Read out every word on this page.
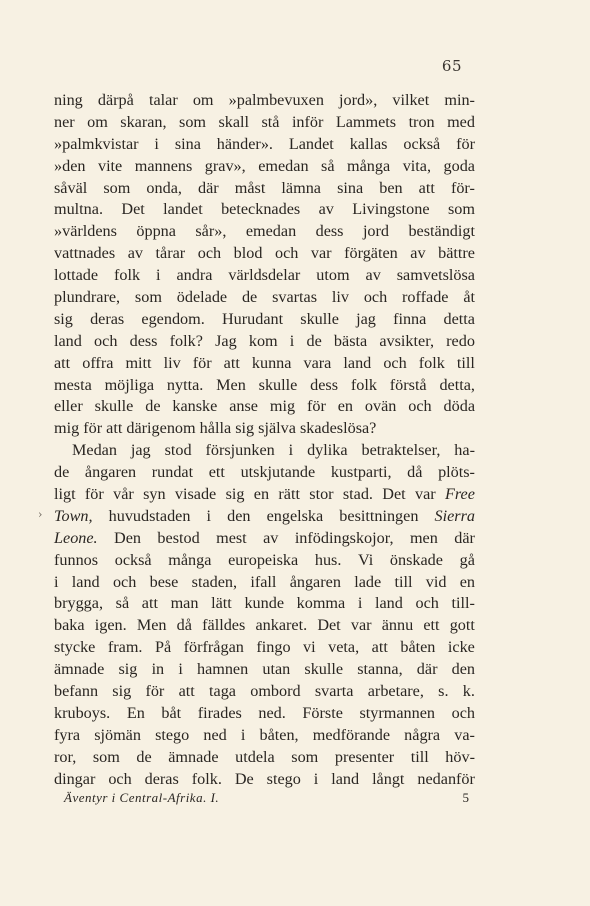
65
›
ning därpå talar om »palmbevuxen jord», vilket min-
ner om skaran, som skall stå inför Lammets tron med
»palmkvistar i sina händer». Landet kallas också för
»den vite mannens grav», emedan så många vita, goda
såväl som onda, där måst lämna sina ben att för-
multna. Det landet betecknades av Livingstone som
»världens öppna sår», emedan dess jord beständigt
vattnades av tårar och blod och var förgäten av bättre
lottade folk i andra världsdelar utom av samvetslösa
plundrare, som ödelade de svartas liv och roffade åt
sig deras egendom. Hurudant skulle jag finna detta
land och dess folk? Jag kom i de bästa avsikter, redo
att offra mitt liv för att kunna vara land och folk till
mesta möjliga nytta. Men skulle dess folk förstå detta,
eller skulle de kanske anse mig för en ovän och döda
mig
för
att
därigenom
hålla
sig
själva
skadeslösa?
Medan jag stod försjunken i dylika betraktelser, ha-
de ångaren rundat ett utskjutande kustparti, då plöts-
ligt för vår syn visade sig en rätt stor stad. Det var Free
Town, huvudstaden i den engelska besittningen Sierra
Leone. Den bestod mest av infödingskojor, men där
funnos också många europeiska hus. Vi önskade gå
i land och bese staden, ifall ångaren lade till vid en
brygga, så att man lätt kunde komma i land och till-
baka igen. Men då fälldes ankaret. Det var ännu ett gott
stycke fram. På förfrågan fingo vi veta, att båten icke
ämnade sig in i hamnen utan skulle stanna, där den
befann sig för att taga ombord svarta arbetare, s. k.
kruboys. En båt firades ned. Förste styrmannen och
fyra sjömän stego ned i båten, medförande några va-
ror, som de ämnade utdela som presenter till höv-
dingar och deras folk. De stego i land långt nedanför
Äventyr i Central-Afrika. I.	5
